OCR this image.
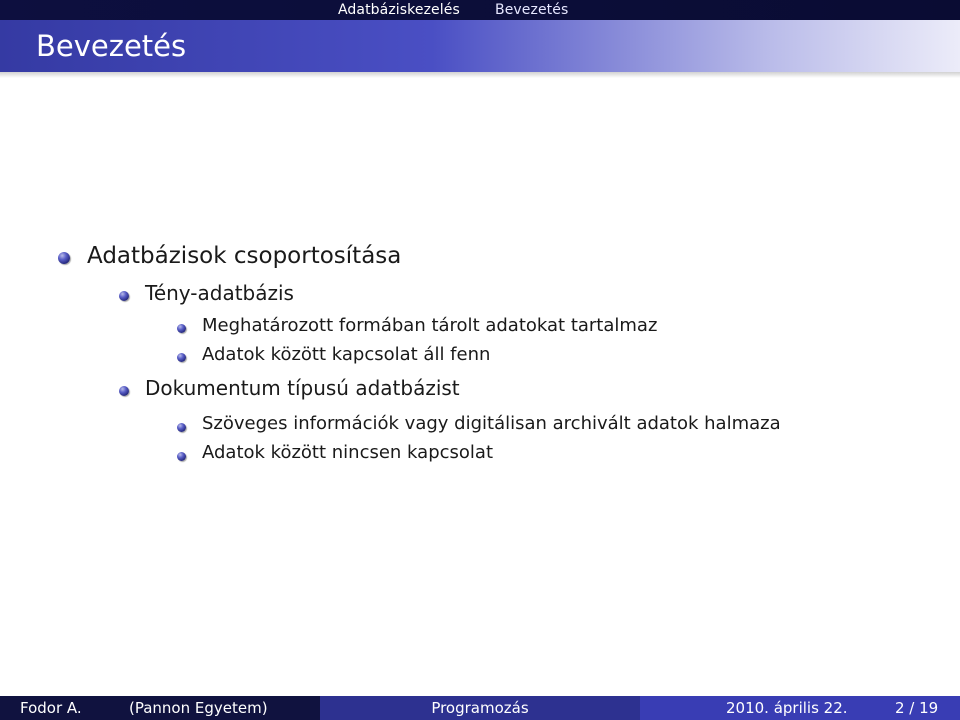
Adatbáziskezelés	Bevezetés
Bevezetés
Adatbázisok csoportosítása
Tény-adatbázis
Meghatározott formában tárolt adatokat tartalmaz
Adatok között kapcsolat áll fenn
Dokumentum típusú adatbázist
Szöveges információk vagy digitálisan archivált adatok halmaza
Adatok között nincsen kapcsolat
Fodor A.	(Pannon Egyetem)	Programozás	2010. április 22.	2 / 19
